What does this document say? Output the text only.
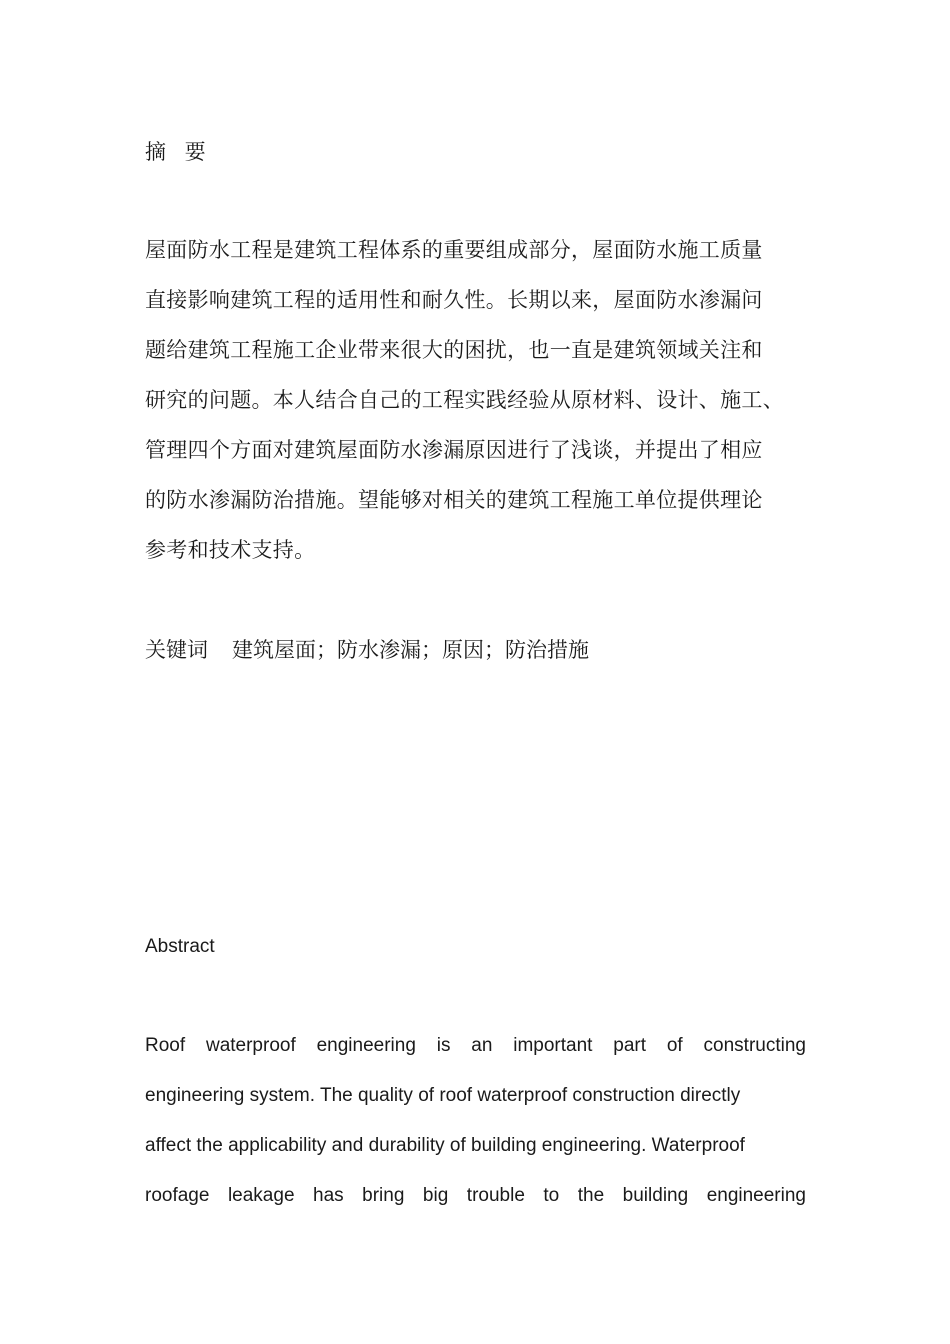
摘 要
屋面防水工程是建筑工程体系的重要组成部分，屋面防水施工质量
直接影响建筑工程的适用性和耐久性。长期以来，屋面防水渗漏问
题给建筑工程施工企业带来很大的困扰，也一直是建筑领域关注和
研究的问题。本人结合自己的工程实践经验从原材料、设计、施工、
管理四个方面对建筑屋面防水渗漏原因进行了浅谈，并提出了相应
的防水渗漏防治措施。望能够对相关的建筑工程施工单位提供理论
参考和技术支持。

关键词 建筑屋面；防水渗漏；原因；防治措施

Abstract
Roof waterproof engineering is an important part of constructing
engineering system. The quality of roof waterproof construction directly
affect the applicability and durability of building engineering. Waterproof
roofage leakage has bring big trouble to the building engineering
